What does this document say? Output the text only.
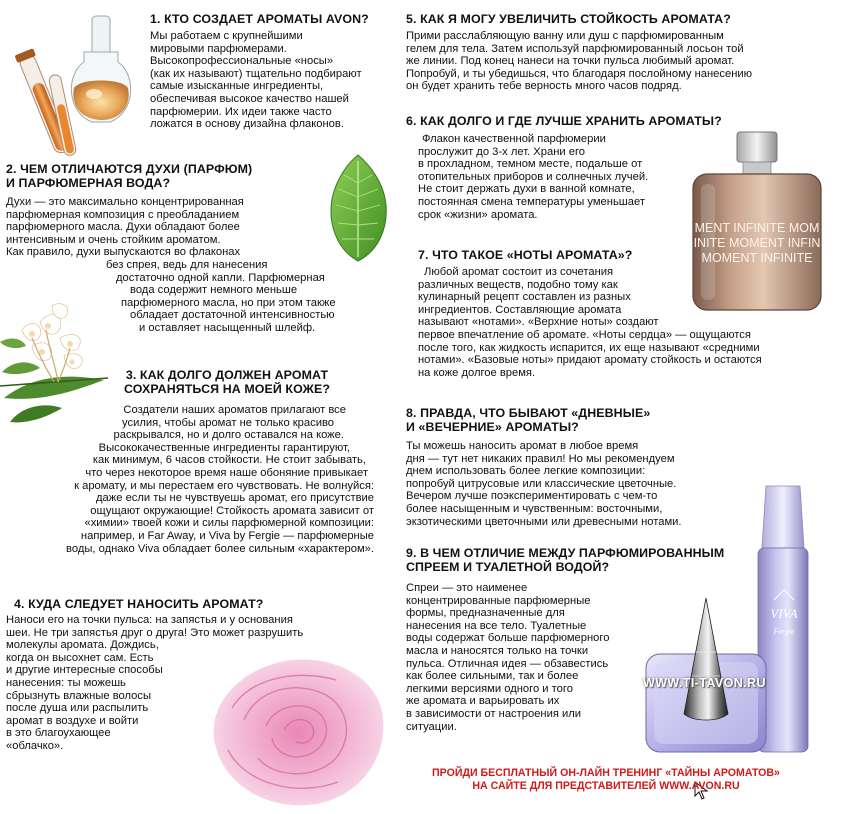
MENT INFINITE MOM
INITE MOMENT INFIN
MOMENT INFINITE
VIVA
Fergie
1. КТО СОЗДАЕТ АРОМАТЫ AVON?
Мы работаем с крупнейшими
мировыми парфюмерами.
Высокопрофессиональные «носы»
(как их называют) тщательно подбирают
самые изысканные ингредиенты,
обеспечивая высокое качество нашей
парфюмерии. Их идеи также часто
ложатся в основу дизайна флаконов.
2. ЧЕМ ОТЛИЧАЮТСЯ ДУХИ (ПАРФЮМ)
И ПАРФЮМЕРНАЯ ВОДА?
Духи — это максимально концентрированная
парфюмерная композиция с преобладанием
парфюмерного масла. Духи обладают более
интенсивным и очень стойким ароматом.
Как правило, духи выпускаются во флаконах
без спрея, ведь для нанесения
достаточно одной капли. Парфюмерная
вода содержит немного меньше
парфюмерного масла, но при этом также
обладает достаточной интенсивностью
и оставляет насыщенный шлейф.
3. КАК ДОЛГО ДОЛЖЕН АРОМАТ
СОХРАНЯТЬСЯ НА МОЕЙ КОЖЕ?
Создатели наших ароматов прилагают все
усилия, чтобы аромат не только красиво
раскрывался, но и долго оставался на коже.
Высококачественные ингредиенты гарантируют,
как минимум, 6 часов стойкости. Не стоит забывать,
что через некоторое время наше обоняние привыкает
к аромату, и мы перестаем его чувствовать. Не волнуйся:
даже если ты не чувствуешь аромат, его присутствие
ощущают окружающие! Стойкость аромата зависит от
«химии» твоей кожи и силы парфюмерной композиции:
например, и Far Away, и Viva by Fergie — парфюмерные
воды, однако Viva обладает более сильным «характером».
4. КУДА СЛЕДУЕТ НАНОСИТЬ АРОМАТ?
Наноси его на точки пульса: на запястья и у основания
шеи. Не три запястья друг о друга! Это может разрушить
молекулы аромата. Дождись,
когда он высохнет сам. Есть
и другие интересные способы
нанесения: ты можешь
сбрызнуть влажные волосы
после душа или распылить
аромат в воздухе и войти
в это благоухающее
«облачко».
5. КАК Я МОГУ УВЕЛИЧИТЬ СТОЙКОСТЬ АРОМАТА?
Прими расслабляющую ванну или душ с парфюмированным
гелем для тела. Затем используй парфюмированный лосьон той
же линии. Под конец нанеси на точки пульса любимый аромат.
Попробуй, и ты убедишься, что благодаря послойному нанесению
он будет хранить тебе верность много часов подряд.
6. КАК ДОЛГО И ГДЕ ЛУЧШЕ ХРАНИТЬ АРОМАТЫ?
Флакон качественной парфюмерии
прослужит до 3-х лет. Храни его
в прохладном, темном месте, подальше от
отопительных приборов и солнечных лучей.
Не стоит держать духи в ванной комнате,
постоянная смена температуры уменьшает
срок «жизни» аромата.
7. ЧТО ТАКОЕ «НОТЫ АРОМАТА»?
Любой аромат состоит из сочетания
различных веществ, подобно тому как
кулинарный рецепт составлен из разных
ингредиентов. Составляющие аромата
называют «нотами». «Верхние ноты» создают
первое впечатление об аромате. «Ноты сердца» — ощущаются
после того, как жидкость испарится, их еще называют «средними
нотами». «Базовые ноты» придают аромату стойкость и остаются
на коже долгое время.
8. ПРАВДА, ЧТО БЫВАЮТ «ДНЕВНЫЕ»
И «ВЕЧЕРНИЕ» АРОМАТЫ?
Ты можешь наносить аромат в любое время
дня — тут нет никаких правил! Но мы рекомендуем
днем использовать более легкие композиции:
попробуй цитрусовые или классические цветочные.
Вечером лучше поэкспериментировать с чем-то
более насыщенным и чувственным: восточными,
экзотическими цветочными или древесными нотами.
9. В ЧЕМ ОТЛИЧИЕ МЕЖДУ ПАРФЮМИРОВАННЫМ
СПРЕЕМ И ТУАЛЕТНОЙ ВОДОЙ?
Спреи — это наименее
концентрированные парфюмерные
формы, предназначенные для
нанесения на все тело. Туалетные
воды содержат больше парфюмерного
масла и наносятся только на точки
пульса. Отличная идея — обзавестись
как более сильными, так и более
легкими версиями одного и того
же аромата и варьировать их
в зависимости от настроения или
ситуации.
WWW.TI-TAVON.RU
ПРОЙДИ БЕСПЛАТНЫЙ ОН-ЛАЙН ТРЕНИНГ «ТАЙНЫ АРОМАТОВ»
НА САЙТЕ ДЛЯ ПРЕДСТАВИТЕЛЕЙ WWW.AVON.RU
